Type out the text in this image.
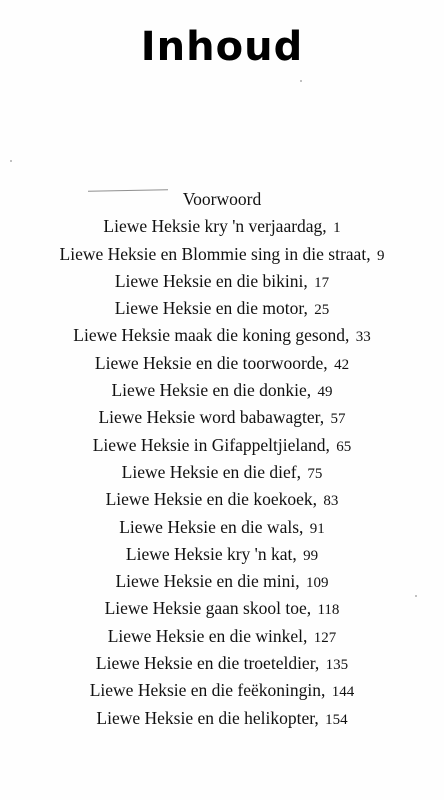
Inhoud
Voorwoord
Liewe Heksie kry 'n verjaardag, 1
Liewe Heksie en Blommie sing in die straat, 9
Liewe Heksie en die bikini, 17
Liewe Heksie en die motor, 25
Liewe Heksie maak die koning gesond, 33
Liewe Heksie en die toorwoorde, 42
Liewe Heksie en die donkie, 49
Liewe Heksie word babawagter, 57
Liewe Heksie in Gifappeltjieland, 65
Liewe Heksie en die dief, 75
Liewe Heksie en die koekoek, 83
Liewe Heksie en die wals, 91
Liewe Heksie kry 'n kat, 99
Liewe Heksie en die mini, 109
Liewe Heksie gaan skool toe, 118
Liewe Heksie en die winkel, 127
Liewe Heksie en die troeteldier, 135
Liewe Heksie en die feëkoningin, 144
Liewe Heksie en die helikopter, 154
